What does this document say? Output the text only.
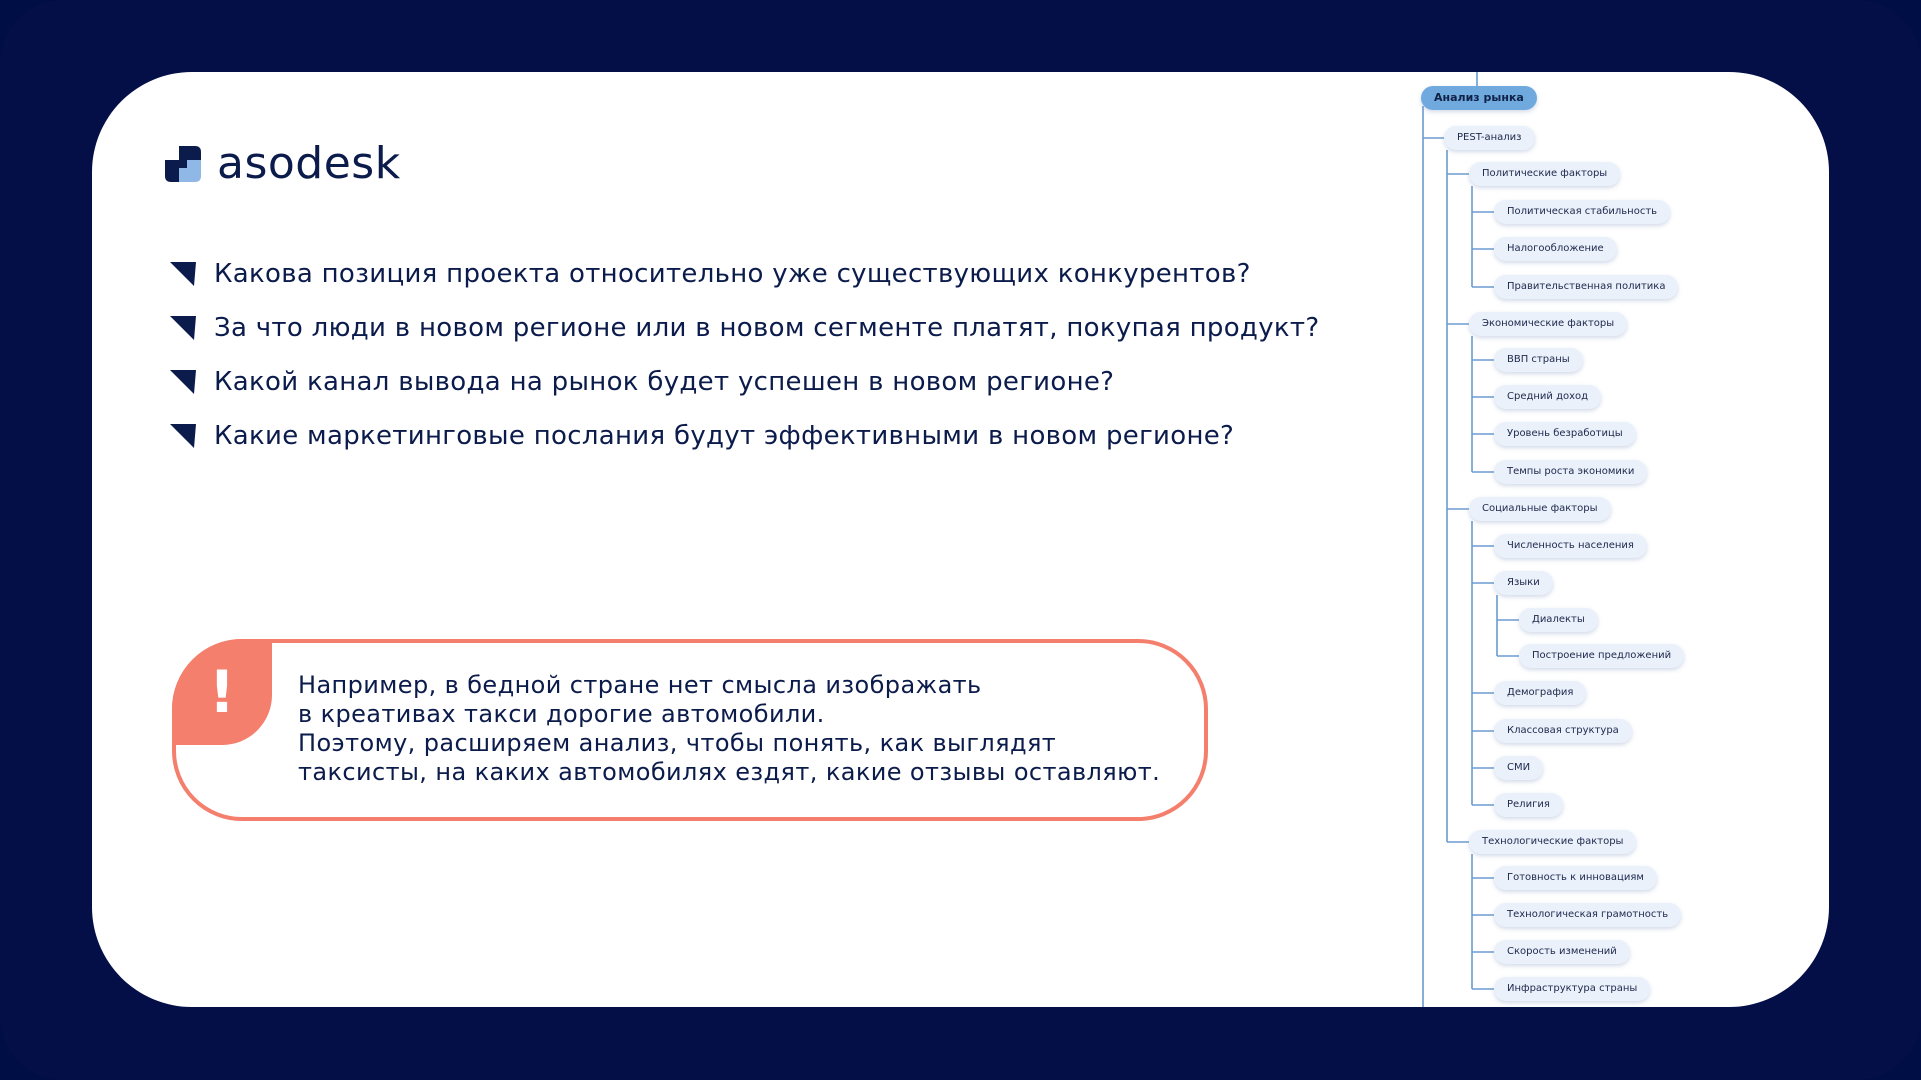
asodesk
Какова позиция проекта относительно уже существующих конкурентов?
За что люди в новом регионе или в новом сегменте платят, покупая продукт?
Какой канал вывода на рынок будет успешен в новом регионе?
Какие маркетинговые послания будут эффективными в новом регионе?
!	Например, в бедной стране нет смысла изображать
в креативах такси дорогие автомобили.
Поэтому, расширяем анализ, чтобы понять, как выглядят
таксисты, на каких автомобилях ездят, какие отзывы оставляют.
Анализ рынка
PEST-анализ
Политические факторы
Политическая стабильность
Налогообложение
Правительственная политика
Экономические факторы
ВВП страны
Средний доход
Уровень безработицы
Темпы роста экономики
Социальные факторы
Численность населения
Языки
Диалекты
Построение предложений
Демография
Классовая структура
СМИ
Религия
Технологические факторы
Готовность к инновациям
Технологическая грамотность
Скорость изменений
Инфраструктура страны
